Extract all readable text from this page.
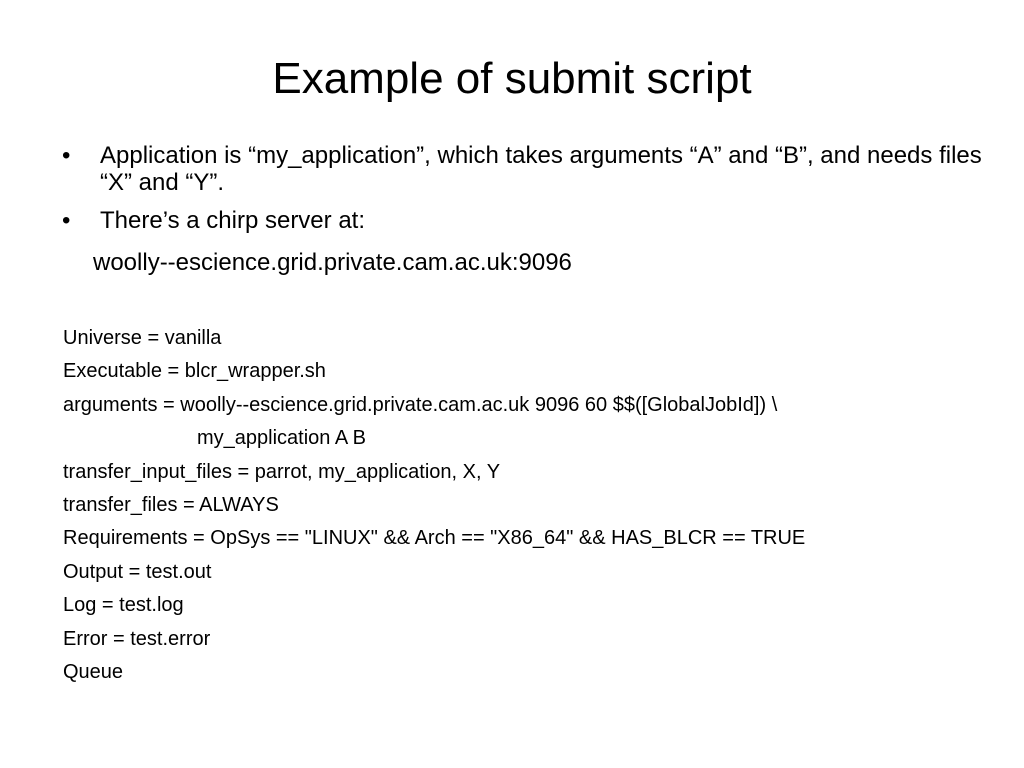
Example of submit script
• Application is “my_application”, which takes arguments “A” and “B”, and needs files “X” and “Y”.
• There’s a chirp server at:
woolly--escience.grid.private.cam.ac.uk:9096
Universe = vanilla
Executable = blcr_wrapper.sh
arguments = woolly--escience.grid.private.cam.ac.uk 9096 60 $$([GlobalJobId]) \
my_application A B
transfer_input_files = parrot, my_application, X, Y
transfer_files = ALWAYS
Requirements = OpSys == "LINUX" && Arch == "X86_64" && HAS_BLCR == TRUE
Output = test.out
Log = test.log
Error = test.error
Queue
